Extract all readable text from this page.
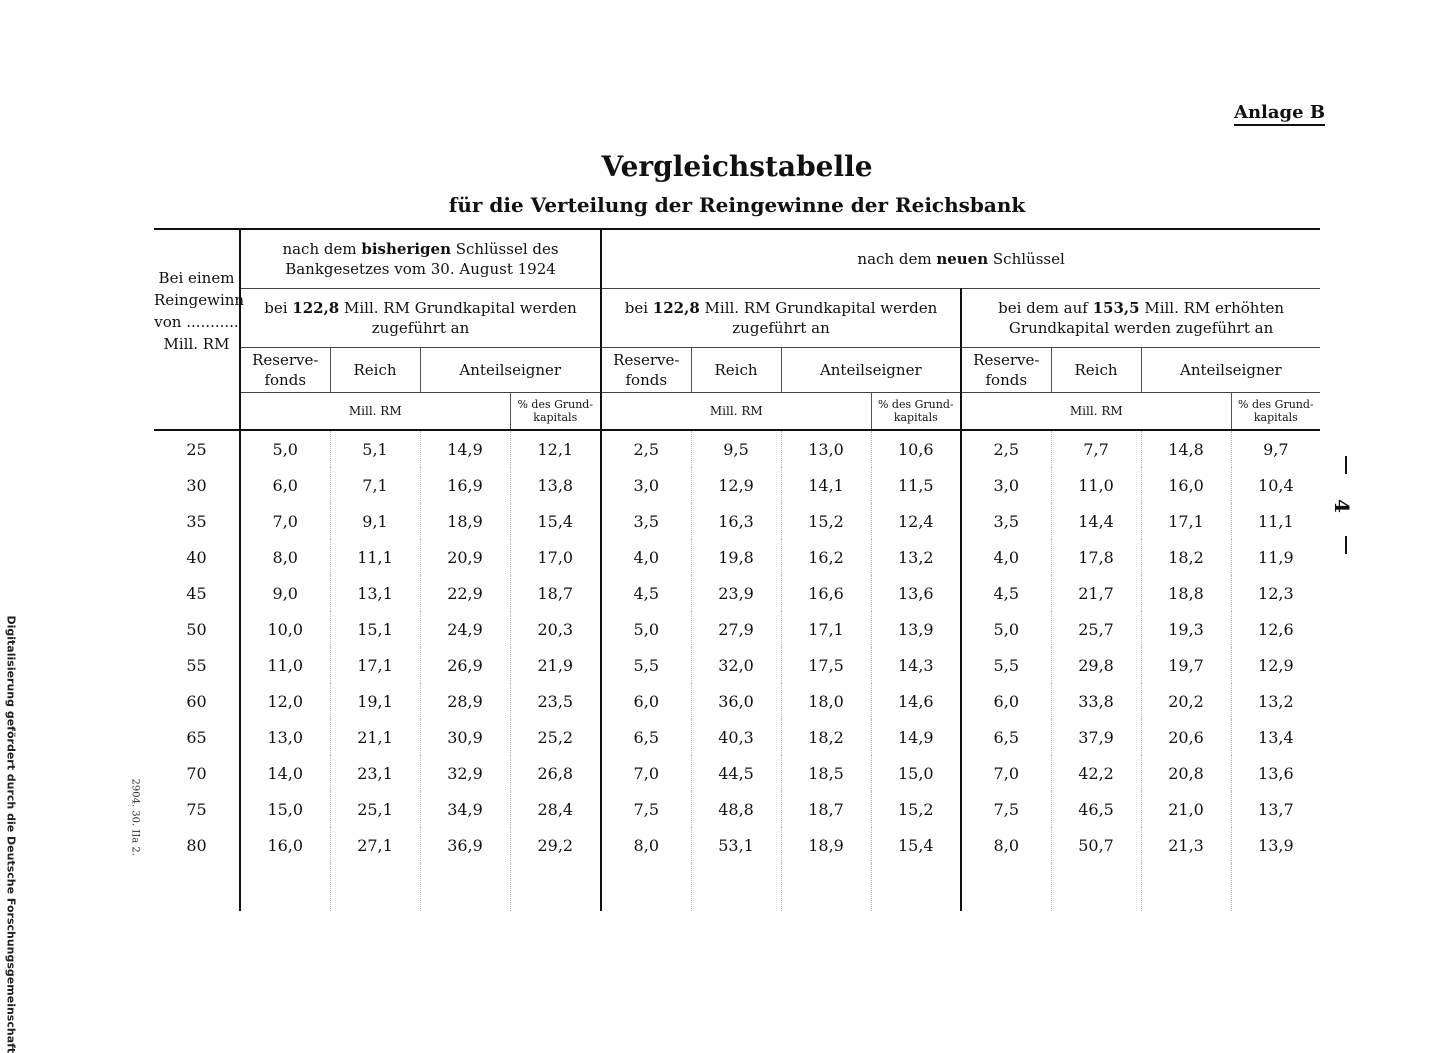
Anlage B
Vergleichstabelle
für die Verteilung der Reingewinne der Reichsbank
Bei einem Reingewinn von ........... Mill. RM	nach dem bisherigen Schlüssel des Bankgesetzes vom 30. August 1924				nach dem neuen Schlüssel							
	bei 122,8 Mill. RM Grundkapital werden zugeführt an				bei 122,8 Mill. RM Grundkapital werden zugeführt an				bei dem auf 153,5 Mill. RM erhöhten Grundkapital werden zugeführt an			
	Reserve-fonds	Reich	Anteilseigner		Reserve-fonds	Reich	Anteilseigner		Reserve-fonds	Reich	Anteilseigner	
	Mill. RM			% des Grund-kapitals	Mill. RM			% des Grund-kapitals	Mill. RM			% des Grund-kapitals
25	5,0	5,1	14,9	12,1	2,5	9,5	13,0	10,6	2,5	7,7	14,8	9,7
30	6,0	7,1	16,9	13,8	3,0	12,9	14,1	11,5	3,0	11,0	16,0	10,4
35	7,0	9,1	18,9	15,4	3,5	16,3	15,2	12,4	3,5	14,4	17,1	11,1
40	8,0	11,1	20,9	17,0	4,0	19,8	16,2	13,2	4,0	17,8	18,2	11,9
45	9,0	13,1	22,9	18,7	4,5	23,9	16,6	13,6	4,5	21,7	18,8	12,3
50	10,0	15,1	24,9	20,3	5,0	27,9	17,1	13,9	5,0	25,7	19,3	12,6
55	11,0	17,1	26,9	21,9	5,5	32,0	17,5	14,3	5,5	29,8	19,7	12,9
60	12,0	19,1	28,9	23,5	6,0	36,0	18,0	14,6	6,0	33,8	20,2	13,2
65	13,0	21,1	30,9	25,2	6,5	40,3	18,2	14,9	6,5	37,9	20,6	13,4
70	14,0	23,1	32,9	26,8	7,0	44,5	18,5	15,0	7,0	42,2	20,8	13,6
75	15,0	25,1	34,9	28,4	7,5	48,8	18,7	15,2	7,5	46,5	21,0	13,7
80	16,0	27,1	36,9	29,2	8,0	53,1	18,9	15,4	8,0	50,7	21,3	13,9

Digitalisierung gefördert durch die Deutsche Forschungsgemeinschaft	2904. 30. IIa 2.
4
